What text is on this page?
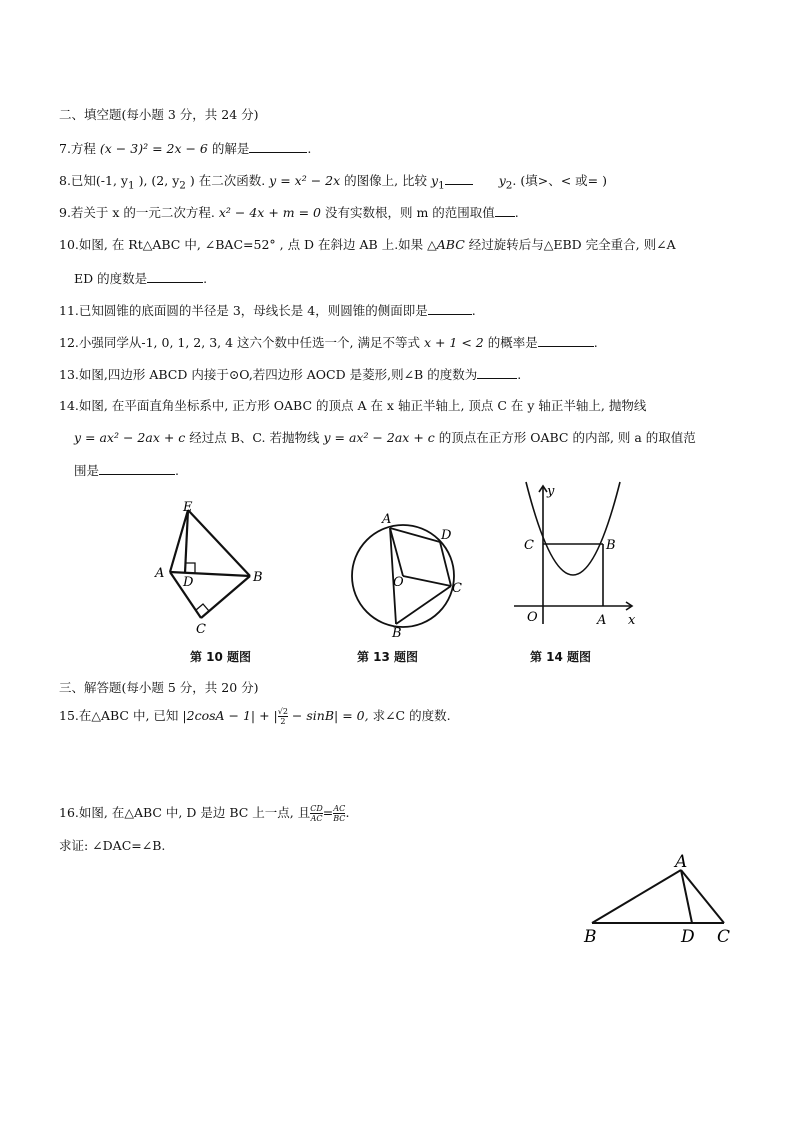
二、填空题(每小题 3 分，共 24 分)
7.方程 (x − 3)² = 2x − 6 的解是	.
8.已知(-1, $y_1$ ), (2, $y_2$ ) 在二次函数. y = x² − 2x 的图像上, 比较 $y_1$	$y_2$. (填>、< 或= )
9.若关于 x 的一元二次方程. x² − 4x + m = 0 没有实数根，则 m 的范围取值 .
10.如图, 在 Rt△ABC 中, ∠BAC=52° , 点 D 在斜边 AB 上.如果 △ABC 经过旋转后与△EBD 完全重合, 则∠A
ED 的度数是	.
11.已知圆锥的底面圆的半径是 3，母线长是 4，则圆锥的侧面即是	.
12.小强同学从-1, 0, 1, 2, 3, 4 这六个数中任选一个, 满足不等式 x + 1 < 2 的概率是	.
13.如图,四边形 ABCD 内接于⊙O,若四边形 AOCD 是菱形,则∠B 的度数为	.
14.如图, 在平面直角坐标系中, 正方形 OABC 的顶点 A 在 x 轴正半轴上, 顶点 C 在 y 轴正半轴上, 抛物线
y = ax² − 2ax + c 经过点 B、C. 若抛物线 y = ax² − 2ax + c 的顶点在正方形 OABC 的内部, 则 a 的取值范
围是	.
E
A
D	B
C
第 10 题图
A
D
O	C
B
第 13 题图
y
C	B
O	A x
第 14 题图
三、解答题(每小题 5 分，共 20 分)
15.在△ABC 中, 已知 |2cosA − 1| + | $\frac{√2}{2} - \sin B| = 0$, 求∠C 的度数.
16.如图, 在△ABC 中, D 是边 BC 上一点, 且 $\frac{CD}{AC} = \frac{AC}{BC}$ .
求证: ∠DAC=∠B.
A
B	D C
